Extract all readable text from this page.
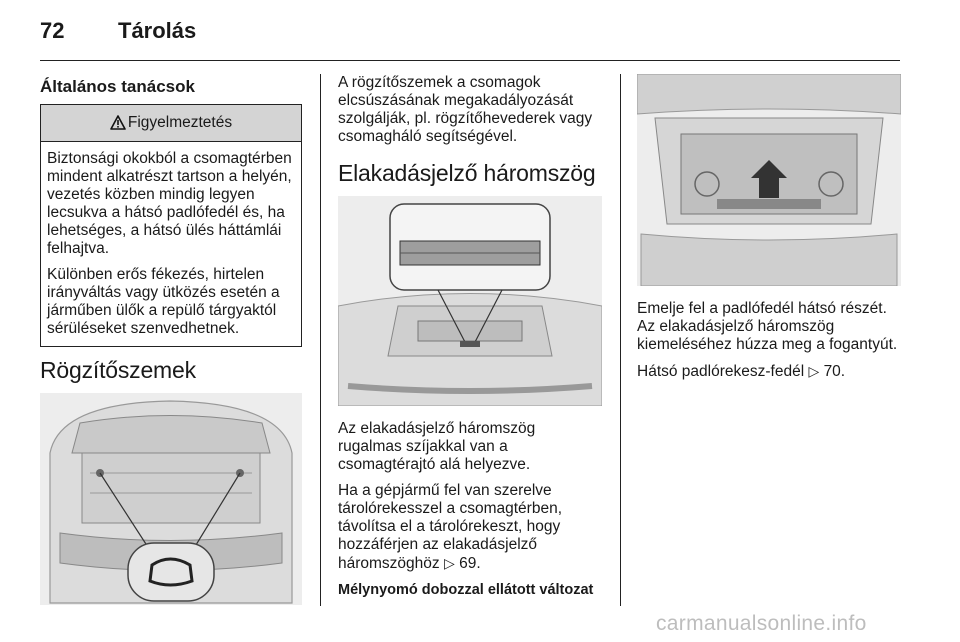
72 Tárolás
Általános tanácsok
Figyelmeztetés

Biztonsági okokból a csomagtérben mindent alkatrészt tartson a helyén, vezetés közben mindig legyen lecsukva a hátsó padlófedél és, ha lehetséges, a hátsó ülés háttámlái felhajtva.

Különben erős fékezés, hirtelen irányváltás vagy ütközés esetén a járműben ülők a repülő tárgyaktól sérüléseket szenvedhetnek.

Rögzítőszemek

A rögzítőszemek a csomagok elcsúszásának megakadályozását szolgálják, pl. rögzítőhevederek vagy csomagháló segítségével.

Elakadásjelző háromszög

Az elakadásjelző háromszög rugalmas szíjakkal van a csomagtérajtó alá helyezve.

Ha a gépjármű fel van szerelve tárolórekesszel a csomagtérben, távolítsa el a tárolórekeszt, hogy hozzáférjen az elakadásjelző háromszöghöz ▷ 69.

Mélynyomó dobozzal ellátott változat

Emelje fel a padlófedél hátsó részét. Az elakadásjelző háromszög kiemeléséhez húzza meg a fogantyút.

Hátsó padlórekesz-fedél ▷ 70.

carmanualsonline.info
